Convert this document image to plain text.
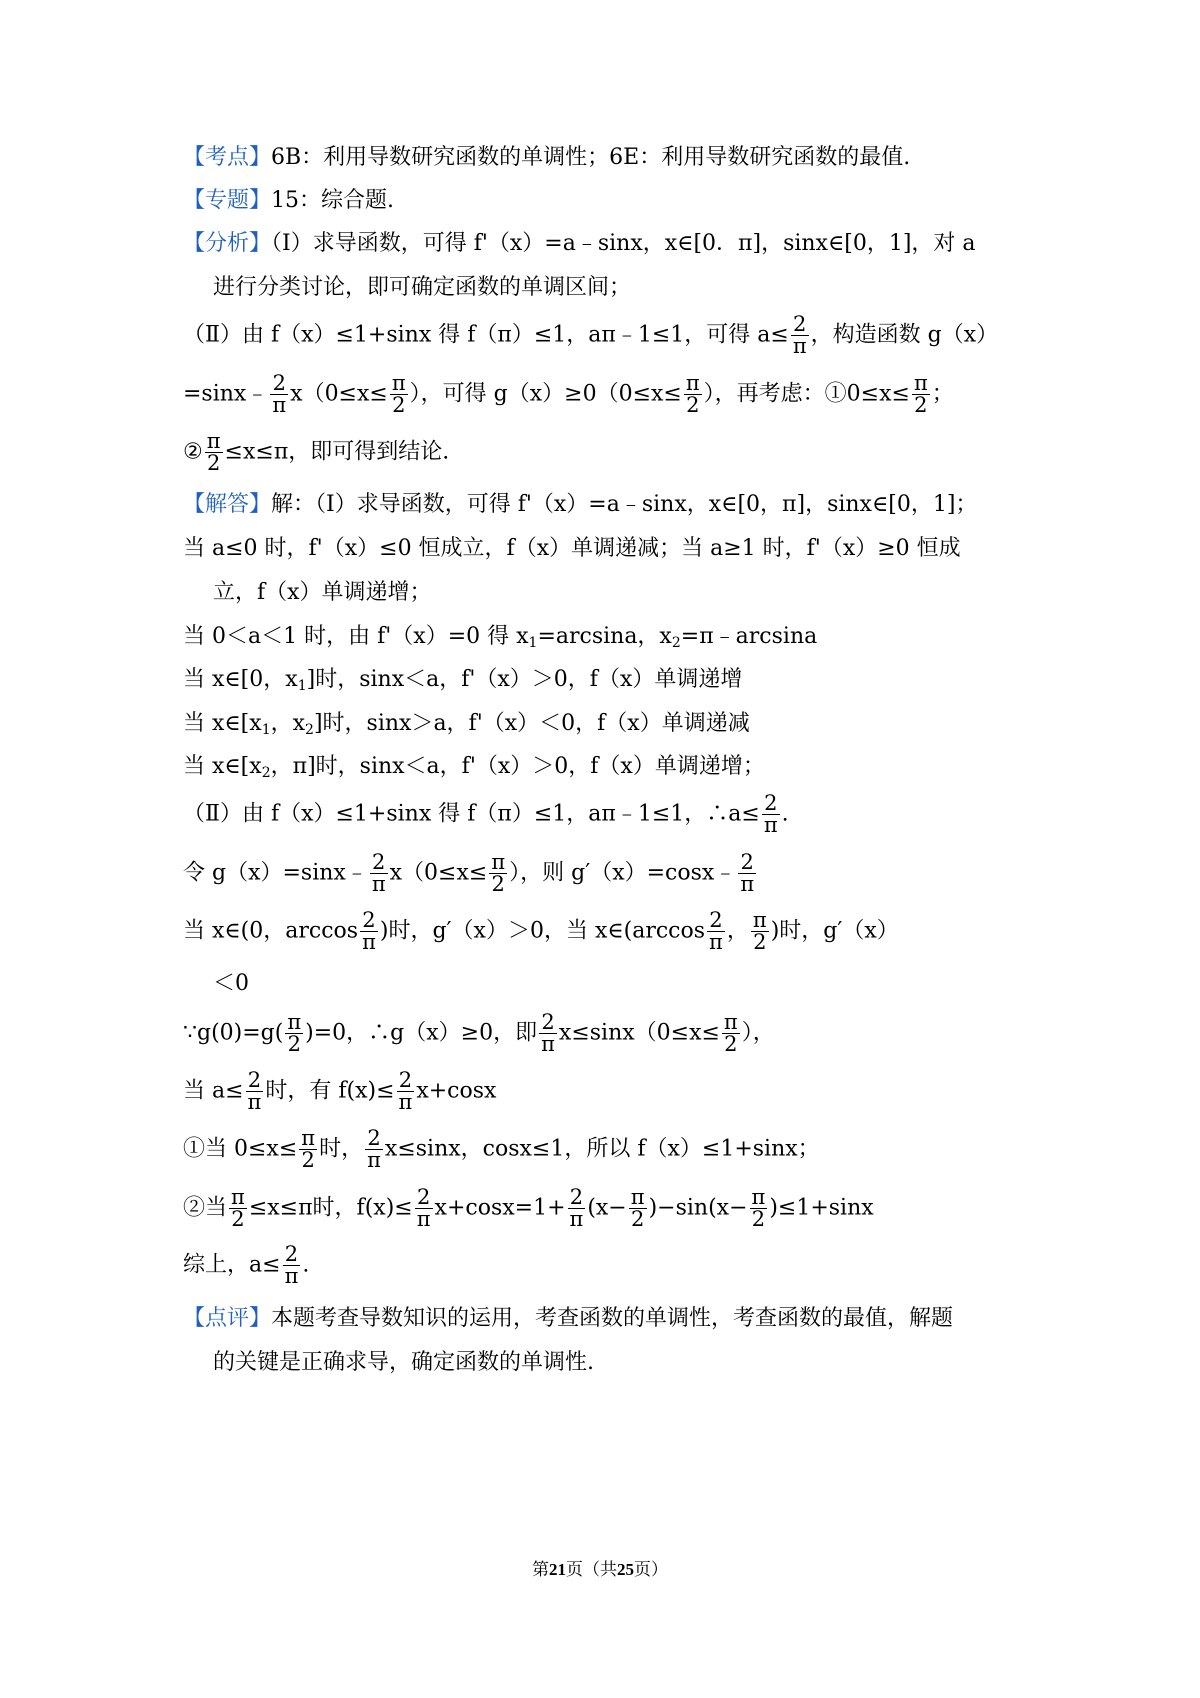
【考点】6B：利用导数研究函数的单调性；6E：利用导数研究函数的最值.
【专题】15：综合题.
【分析】（Ⅰ）求导函数，可得 f'（x）=a﹣sinx，x∈[0．π]，sinx∈[0，1]，对 a
进行分类讨论，即可确定函数的单调区间；
（Ⅱ）由 f（x）≤1+sinx 得 f（π）≤1，aπ﹣1≤1，可得 $a\le \frac{2}{\pi}$ ，构造函数 g（x）
=sinx﹣ $\frac{2}{\pi} x(0\le x\le \frac{\pi}{2}$ ），可得 $g(x)\ge 0(0\le x\le \frac{\pi}{2}$ ），再考虑：①0≤x≤ $\frac{\pi}{2}$ ；
② $\frac{\pi}{2} \le x\le\pi$，即可得到结论.
【解答】解：（Ⅰ）求导函数，可得 f'（x）=a﹣sinx，x∈[0，π]，sinx∈[0，1]；
当 a≤0 时，f'（x）≤0 恒成立，f（x）单调递减；当 a≥1 时，f'（x）≥0 恒成
立，f（x）单调递增；
当 0＜a＜1 时，由 f'（x）=0 得 $x_1=\arcsin a$，$x_2=\pi﹣\arcsin a$
当 x∈[0，$x_1$]时，sinx＜a，f'（x）＞0，f（x）单调递增
当 $x\in[x_1$，$x_2$]时，sinx＞a，f'（x）＜0，f（x）单调递减
当 $x\in[x_2$，π]时，sinx＜a，f'（x）＞0，f（x）单调递增；
（Ⅱ）由 f（x）≤1+sinx 得 f（π）≤1，aπ﹣1≤1，∴a≤ $\frac{2}{\pi}$ .
令 g（x）=sinx﹣ $\frac{2}{\pi} x(0\le x\le \frac{\pi}{2}$ ），则 g′（x）=cosx﹣ $\frac{2}{\pi}$
当 x∈(0，$\arccos \frac{2}{\pi}$ )时，g′（x）＞0，当 x∈(arccos $\frac{2}{\pi}$ ， $\frac{\pi}{2}$ )时，g′（x）
＜0
∵g(0)=g( $\frac{\pi}{2} )=0$，∴g（x）≥0，即 $\frac{2}{\pi} x\le\sin x(0\le x\le \frac{\pi}{2}$ ），
当 $a\le \frac{2}{\pi}$ 时，有 $f(x)\le \frac{2}{\pi} x+\cos x$
①当 $0\le x\le \frac{\pi}{2}$ 时， $\frac{2}{\pi} x\le\sin x$，cosx≤1，所以 f（x）≤1+sinx；
②当 $\frac{\pi}{2} \le x\le\pi$时，$f(x)\le \frac{2}{\pi} x+\cos x=1+ \frac{2}{\pi} (x- \frac{\pi}{2} )-\sin(x- \frac{\pi}{2} )\le 1+\sin x$
综上，$a\le \frac{2}{\pi}$ .
【点评】本题考查导数知识的运用，考查函数的单调性，考查函数的最值，解题
的关键是正确求导，确定函数的单调性.
第21页（共25页）
